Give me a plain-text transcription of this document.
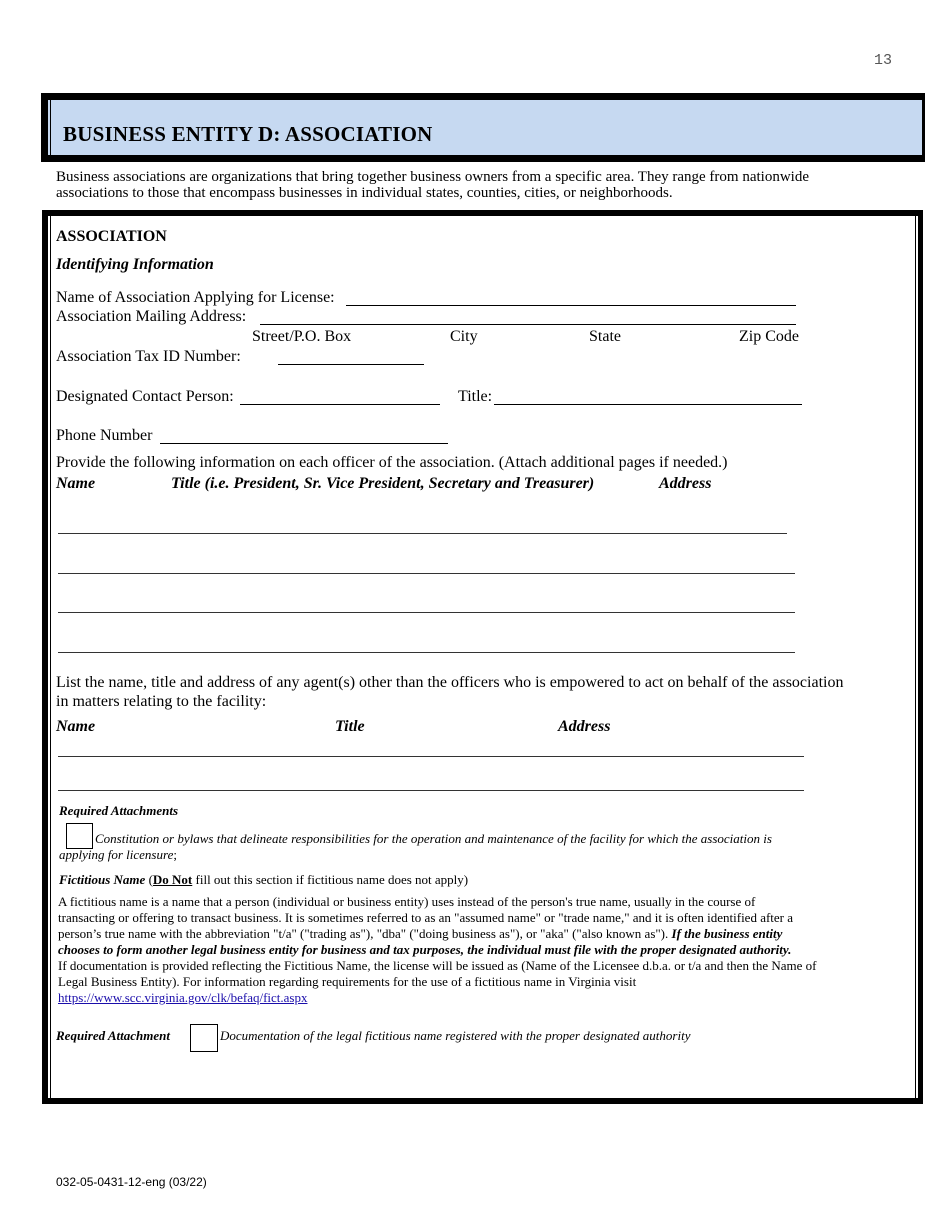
13
BUSINESS ENTITY D: ASSOCIATION
Business associations are organizations that bring together business owners from a specific area. They range from nationwide associations to those that encompass businesses in individual states, counties, cities, or neighborhoods.
ASSOCIATION
Identifying Information
Name of Association Applying for License:
Association Mailing Address:
Street/P.O. Box	City	State	Zip Code
Association Tax ID Number:
Designated Contact Person:	Title:
Phone Number
Provide the following information on each officer of the association. (Attach additional pages if needed.)
Name	Title (i.e. President, Sr. Vice President, Secretary and Treasurer)	Address
List the name, title and address of any agent(s) other than the officers who is empowered to act on behalf of the association
in matters relating to the facility:
Name	Title	Address
Required Attachments
Constitution or bylaws that delineate responsibilities for the operation and maintenance of the facility for which the association is
applying for licensure;
Fictitious Name (Do Not fill out this section if fictitious name does not apply)
A fictitious name is a name that a person (individual or business entity) uses instead of the person's true name, usually in the course of
transacting or offering to transact business. It is sometimes referred to as an "assumed name" or "trade name," and it is often identified after a
person’s true name with the abbreviation "t/a" ("trading as"), "dba" ("doing business as"), or "aka" ("also known as"). If the business entity
chooses to form another legal business entity for business and tax purposes, the individual must file with the proper designated authority.
If documentation is provided reflecting the Fictitious Name, the license will be issued as (Name of the Licensee d.b.a. or t/a and then the Name of
Legal Business Entity). For information regarding requirements for the use of a fictitious name in Virginia visit
https://www.scc.virginia.gov/clk/befaq/fict.aspx
Required Attachment	Documentation of the legal fictitious name registered with the proper designated authority
032-05-0431-12-eng (03/22)
